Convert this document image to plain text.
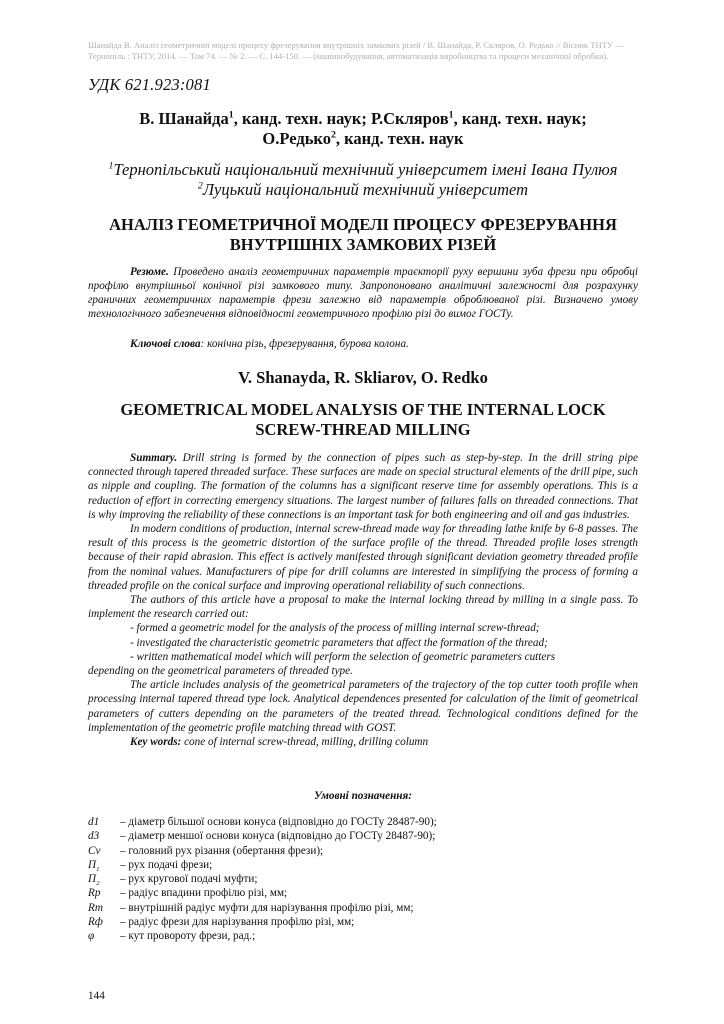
Шанайда В. Аналіз геометричної моделі процесу фрезерування внутрішніх замкових різей / В. Шанайда, Р. Скляров, О. Редько // Вісник ТНТУ — Тернопіль : ТНТУ, 2014. — Том 74. — № 2. — С. 144-150. — (машинобудування, автоматизація виробництва та процеси механічної обробки).
УДК 621.923:081
В. Шанайда$^1$, канд. техн. наук; Р.Скляров$^1$, канд. техн. наук;
О.Редько$^2$, канд. техн. наук
$^1$Тернопільський національний технічний університет імені Івана Пулюя
$^2$Луцький національний технічний університет
АНАЛІЗ ГЕОМЕТРИЧНОЇ МОДЕЛІ ПРОЦЕСУ ФРЕЗЕРУВАННЯ
ВНУТРІШНІХ ЗАМКОВИХ РІЗЕЙ
Резюме. Проведено аналіз геометричних параметрів траєкторії руху вершини зуба фрези при обробці профілю внутрішньої конічної різі замкового типу. Запропоновано аналітичні залежності для розрахунку граничних геометричних параметрів фрези залежно від параметрів оброблюваної різі. Визначено умову технологічного забезпечення відповідності геометричного профілю різі до вимог ГОСТу.
Ключові слова: конічна різь, фрезерування, бурова колона.
V. Shanayda, R. Skliarov, O. Redko
GEOMETRICAL MODEL ANALYSIS OF THE INTERNAL LOCK
SCREW-THREAD MILLING

Summary. Drill string is formed by the connection of pipes such as step-by-step. In the drill string pipe connected through tapered threaded surface. These surfaces are made on special structural elements of the drill pipe, such as nipple and coupling. The formation of the columns has a significant reserve time for assembly operations. This is a reduction of effort in correcting emergency situations. The largest number of failures falls on threaded connections. That is why improving the reliability of these connections is an important task for both engineering and oil and gas industries.

In modern conditions of production, internal screw-thread made way for threading lathe knife by 6-8 passes. The result of this process is the geometric distortion of the surface profile of the thread. Threaded profile loses strength because of their rapid abrasion. This effect is actively manifested through significant deviation geometry threaded profile from the nominal values. Manufacturers of pipe for drill columns are interested in simplifying the process of forming a threaded profile on the conical surface and improving operational reliability of such connections.

The authors of this article have a proposal to make the internal locking thread by milling in a single pass. To implement the research carried out:

- formed a geometric model for the analysis of the process of milling internal screw-thread;

- investigated the characteristic geometric parameters that affect the formation of the thread;

- written mathematical model which will perform the selection of geometric parameters cutters

depending on the geometrical parameters of threaded type.

The article includes analysis of the geometrical parameters of the trajectory of the top cutter tooth profile when processing internal tapered thread type lock. Analytical dependences presented for calculation of the limit of geometrical parameters of cutters depending on the parameters of the treated thread. Technological conditions defined for the implementation of the geometric profile matching thread with GOST.

Key words: cone of internal screw-thread, milling, drilling column

Умовні позначення:
d1	– діаметр більшої основи конуса (відповідно до ГОСТу 28487-90);
d3	– діаметр меншої основи конуса (відповідно до ГОСТу 28487-90);
Cv	– головний рух різання (обертання фрези);
$П_1$	– рух подачі фрези;
$П_2$	– рух кругової подачі муфти;
Rр	– радіус впадини профілю різі, мм;
Rm	– внутрішній радіус муфти для нарізування профілю різі, мм;
Rф	– радіус фрези для нарізування профілю різі, мм;
φ	– кут провороту фрези, рад.;
144
